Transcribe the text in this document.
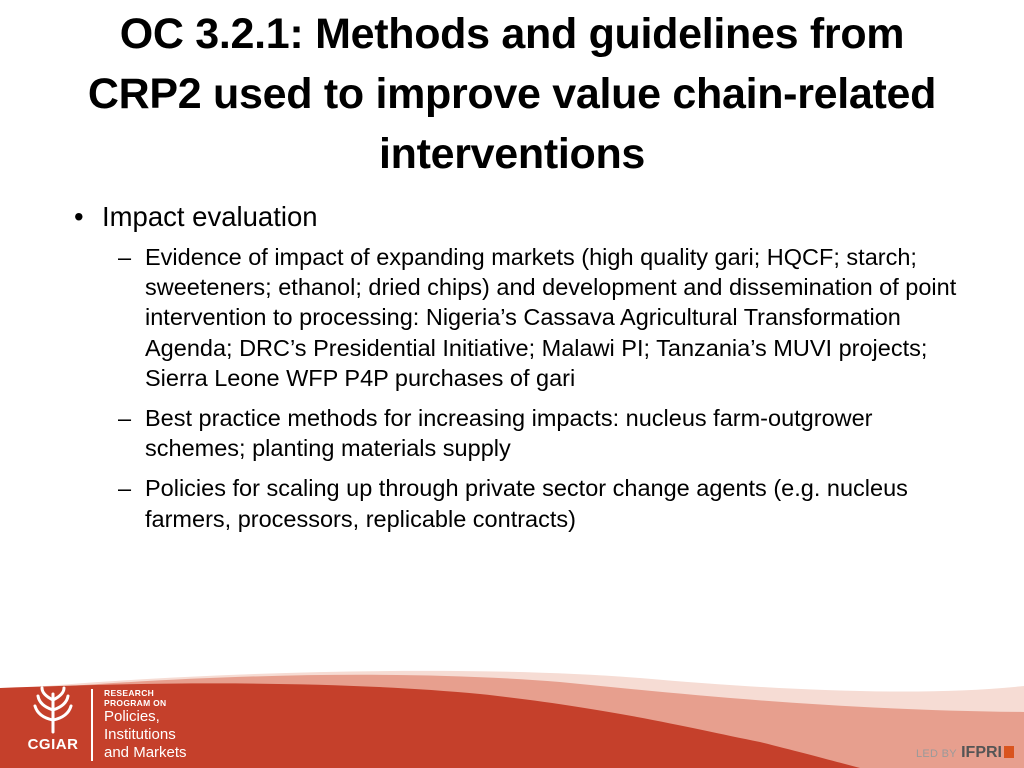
OC 3.2.1: Methods and guidelines from CRP2 used to improve value chain-related interventions
• Impact evaluation
– Evidence of impact of expanding markets (high quality gari; HQCF; starch; sweeteners; ethanol; dried chips) and development and dissemination of point intervention to processing: Nigeria’s Cassava Agricultural Transformation Agenda; DRC’s Presidential Initiative; Malawi PI; Tanzania’s MUVI projects; Sierra Leone WFP P4P purchases of gari
– Best practice methods for increasing impacts: nucleus farm-outgrower schemes; planting materials supply
– Policies for scaling up through private sector change agents (e.g. nucleus farmers, processors, replicable contracts)
CGIAR
RESEARCH
PROGRAM ON
Policies,
Institutions
and Markets	LED BY IFPRI
